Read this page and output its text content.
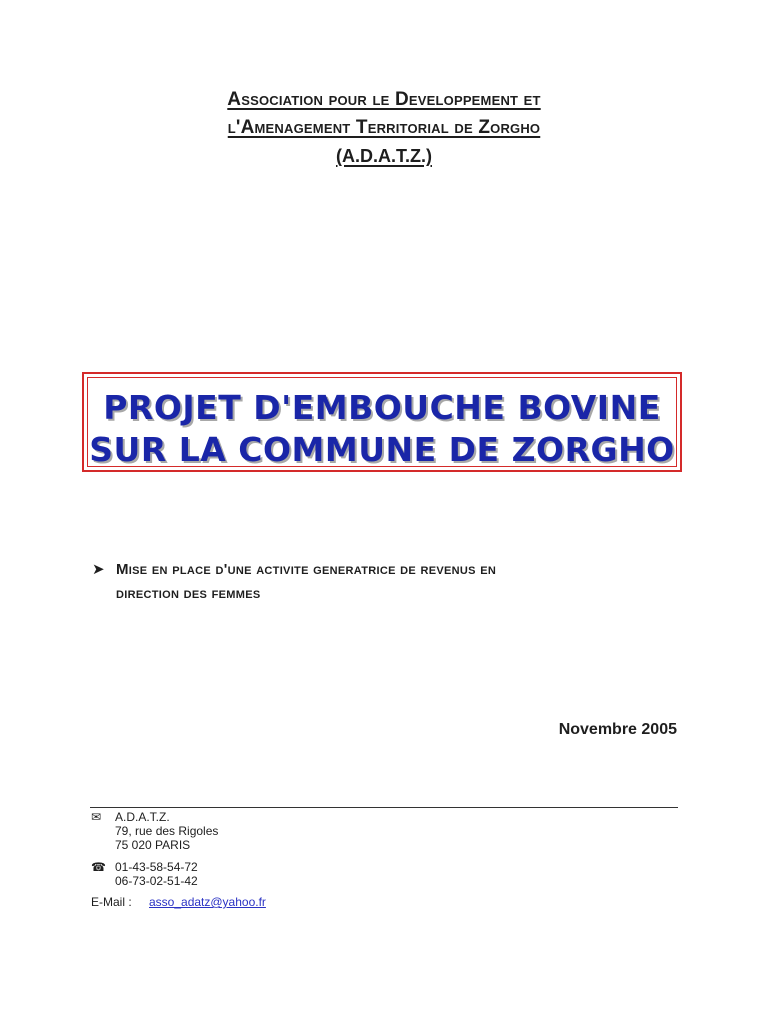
Association pour le Developpement et
l'Amenagement Territorial de Zorgho
(A.D.A.T.Z.)
PROJET D'EMBOUCHE BOVINE
SUR LA COMMUNE DE ZORGHO
➤ Mise en place d'une activite generatrice de revenus en
direction des femmes
Novembre 2005
✉ A.D.A.T.Z.
79, rue des Rigoles
75 020 PARIS
☎ 01-43-58-54-72
06-73-02-51-42
E-Mail : asso_adatz@yahoo.fr
